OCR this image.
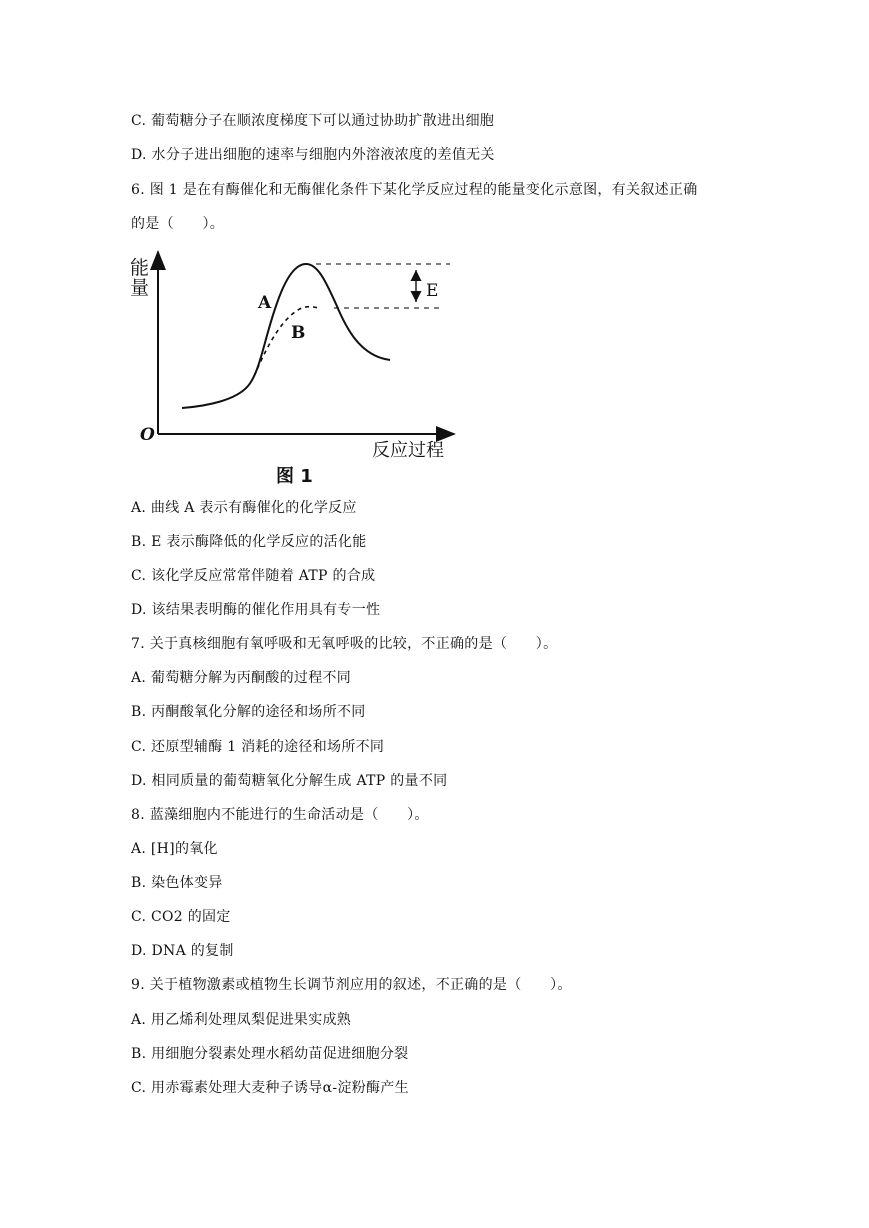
C. 葡萄糖分子在顺浓度梯度下可以通过协助扩散进出细胞
D. 水分子进出细胞的速率与细胞内外溶液浓度的差值无关
6. 图 1 是在有酶催化和无酶催化条件下某化学反应过程的能量变化示意图，有关叙述正确
的是（　　）。
能
量
O
反应过程
A
B
E
图 1
A. 曲线 A 表示有酶催化的化学反应
B. E 表示酶降低的化学反应的活化能
C. 该化学反应常常伴随着 ATP 的合成
D. 该结果表明酶的催化作用具有专一性
7. 关于真核细胞有氧呼吸和无氧呼吸的比较，不正确的是（　　）。
A. 葡萄糖分解为丙酮酸的过程不同
B. 丙酮酸氧化分解的途径和场所不同
C. 还原型辅酶 1 消耗的途径和场所不同
D. 相同质量的葡萄糖氧化分解生成 ATP 的量不同
8. 蓝藻细胞内不能进行的生命活动是（　　）。
A. [H]的氧化
B. 染色体变异
C. CO2 的固定
D. DNA 的复制
9. 关于植物激素或植物生长调节剂应用的叙述，不正确的是（　　）。
A. 用乙烯利处理凤梨促进果实成熟
B. 用细胞分裂素处理水稻幼苗促进细胞分裂
C. 用赤霉素处理大麦种子诱导α-淀粉酶产生
